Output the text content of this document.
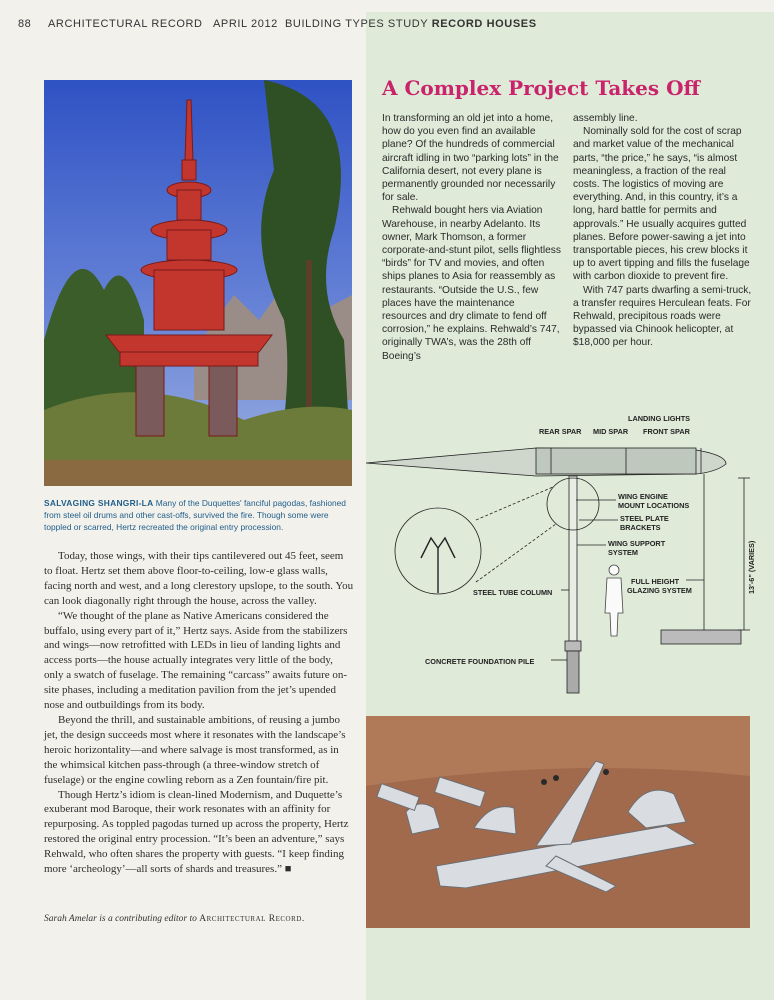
88 ARCHITECTURAL RECORD   APRIL 2012 BUILDING TYPES STUDY RECORD HOUSES
SALVAGING SHANGRI-LA Many of the Duquettes' fanciful pagodas, fashioned from steel oil drums and other cast-offs, survived the fire. Though some were toppled or scarred, Hertz recreated the original entry procession.

Today, those wings, with their tips cantilevered out 45 feet, seem to float. Hertz set them above floor-to-ceiling, low-e glass walls, facing north and west, and a long clerestory upslope, to the south. You can look diagonally right through the house, across the valley.

“We thought of the plane as Native Americans considered the buffalo, using every part of it,” Hertz says. Aside from the stabilizers and wings—now retrofitted with LEDs in lieu of landing lights and access ports—the house actually integrates very little of the body, only a swatch of fuselage. The remaining “carcass” awaits future on-site phases, including a meditation pavilion from the jet’s upended nose and outbuildings from its body.

Beyond the thrill, and sustainable ambitions, of reusing a jumbo jet, the design succeeds most where it resonates with the landscape’s heroic horizontality—and where salvage is most transformed, as in the whimsical kitchen pass-through (a three-window stretch of fuselage) or the engine cowling reborn as a Zen fountain/fire pit.

Though Hertz’s idiom is clean-lined Modernism, and Duquette’s exuberant mod Baroque, their work resonates with an affinity for repurposing. As toppled pagodas turned up across the property, Hertz restored the original entry procession. “It’s been an adventure,” says Rehwald, who often shares the property with guests. “I keep finding more ‘archeology’—all sorts of shards and treasures.” ■

Sarah Amelar is a contributing editor to Architectural Record.
A Complex Project Takes Off

In transforming an old jet into a home, how do you even find an available plane? Of the hundreds of commercial aircraft idling in two “parking lots” in the California desert, not every plane is permanently grounded nor necessarily for sale.

Rehwald bought hers via Aviation Warehouse, in nearby Adelanto. Its owner, Mark Thomson, a former corporate-and-stunt pilot, sells flightless “birds” for TV and movies, and often ships planes to Asia for reassembly as restaurants. “Outside the U.S., few places have the maintenance resources and dry climate to fend off corrosion,” he explains. Rehwald’s 747, originally TWA’s, was the 28th off Boeing’s

assembly line.

Nominally sold for the cost of scrap and market value of the mechanical parts, “the price,” he says, “is almost meaningless, a fraction of the real costs. The logistics of moving are everything. And, in this country, it’s a long, hard battle for permits and approvals.” He usually acquires gutted planes. Before power-sawing a jet into transportable pieces, his crew blocks it up to avert tipping and fills the fuselage with carbon dioxide to prevent fire.

With 747 parts dwarfing a semi-truck, a transfer requires Herculean feats. For Rehwald, precipitous roads were bypassed via Chinook helicopter, at $18,000 per hour.

LANDING LIGHTS
REAR SPAR MID SPAR FRONT SPAR
WING ENGINE
MOUNT LOCATIONS
STEEL PLATE
BRACKETS
WING SUPPORT
SYSTEM
STEEL TUBE COLUMN
FULL HEIGHT
GLAZING SYSTEM
CONCRETE FOUNDATION PILE
13'-6" (VARIES)
